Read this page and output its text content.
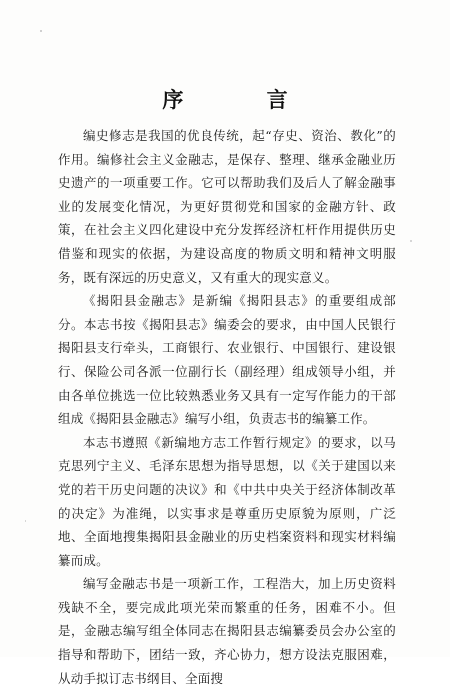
序 言

编史修志是我国的优良传统，起“存史、资治、教化”的作用。编修社会主义金融志，是保存、整理、继承金融业历史遗产的一项重要工作。它可以帮助我们及后人了解金融事业的发展变化情况，为更好贯彻党和国家的金融方针、政策，在社会主义四化建设中充分发挥经济杠杆作用提供历史借鉴和现实的依据，为建设高度的物质文明和精神文明服务，既有深远的历史意义，又有重大的现实意义。

《揭阳县金融志》是新编《揭阳县志》的重要组成部分。本志书按《揭阳县志》编委会的要求，由中国人民银行揭阳县支行牵头，工商银行、农业银行、中国银行、建设银行、保险公司各派一位副行长（副经理）组成领导小组，并由各单位挑选一位比较熟悉业务又具有一定写作能力的干部组成《揭阳县金融志》编写小组，负责志书的编纂工作。

本志书遵照《新编地方志工作暂行规定》的要求，以马克思列宁主义、毛泽东思想为指导思想，以《关于建国以来党的若干历史问题的决议》和《中共中央关于经济体制改革的决定》为准绳，以实事求是尊重历史原貌为原则，广泛地、全面地搜集揭阳县金融业的历史档案资料和现实材料编纂而成。

编写金融志书是一项新工作，工程浩大，加上历史资料残缺不全，要完成此项光荣而繁重的任务，困难不小。但是，金融志编写组全体同志在揭阳县志编纂委员会办公室的指导和帮助下，团结一致，齐心协力，想方设法克服困难，从动手拟订志书纲目、全面搜
